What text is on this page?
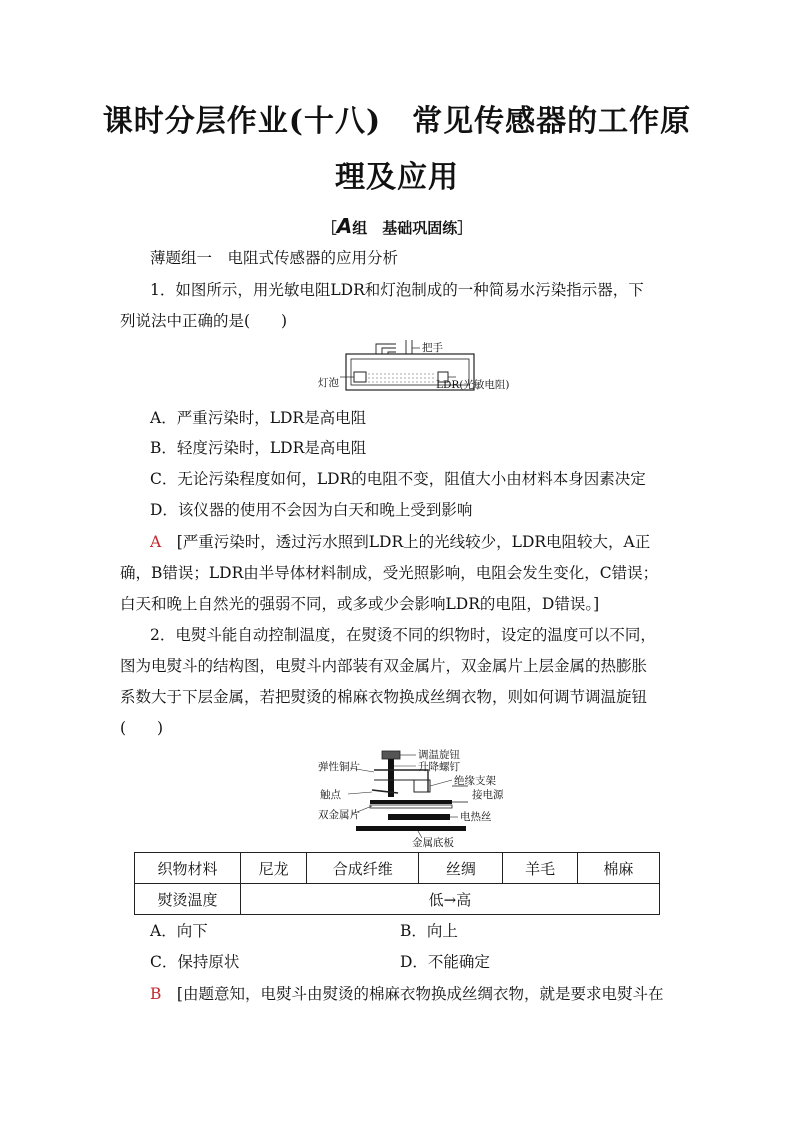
课时分层作业(十八)　常见传感器的工作原
理及应用
［A组　基础巩固练］
薄题组一　电阻式传感器的应用分析
1．如图所示，用光敏电阻LDR和灯泡制成的一种简易水污染指示器，下
列说法中正确的是(　　)
把手
灯泡	LDR(光敏电阻)
A．严重污染时，LDR是高电阻
B．轻度污染时，LDR是高电阻
C．无论污染程度如何，LDR的电阻不变，阻值大小由材料本身因素决定
D．该仪器的使用不会因为白天和晚上受到影响
A　 [严重污染时，透过污水照到LDR上的光线较少，LDR电阻较大，A正
确，B错误；LDR由半导体材料制成，受光照影响，电阻会发生变化，C错误；
白天和晚上自然光的强弱不同，或多或少会影响LDR的电阻，D错误。]
2．电熨斗能自动控制温度，在熨烫不同的织物时，设定的温度可以不同，
图为电熨斗的结构图，电熨斗内部装有双金属片，双金属片上层金属的热膨胀
系数大于下层金属，若把熨烫的棉麻衣物换成丝绸衣物，则如何调节调温旋钮
(　　)
调温旋钮
升降螺钉
弹性铜片
绝缘支架
触点	接电源
双金属片	电热丝
金属底板
织物材料	尼龙	合成纤维	丝绸	羊毛	棉麻
熨烫温度	低→高				
A．向下	B．向上
C．保持原状	D．不能确定
B　 [由题意知，电熨斗由熨烫的棉麻衣物换成丝绸衣物，就是要求电熨斗在
